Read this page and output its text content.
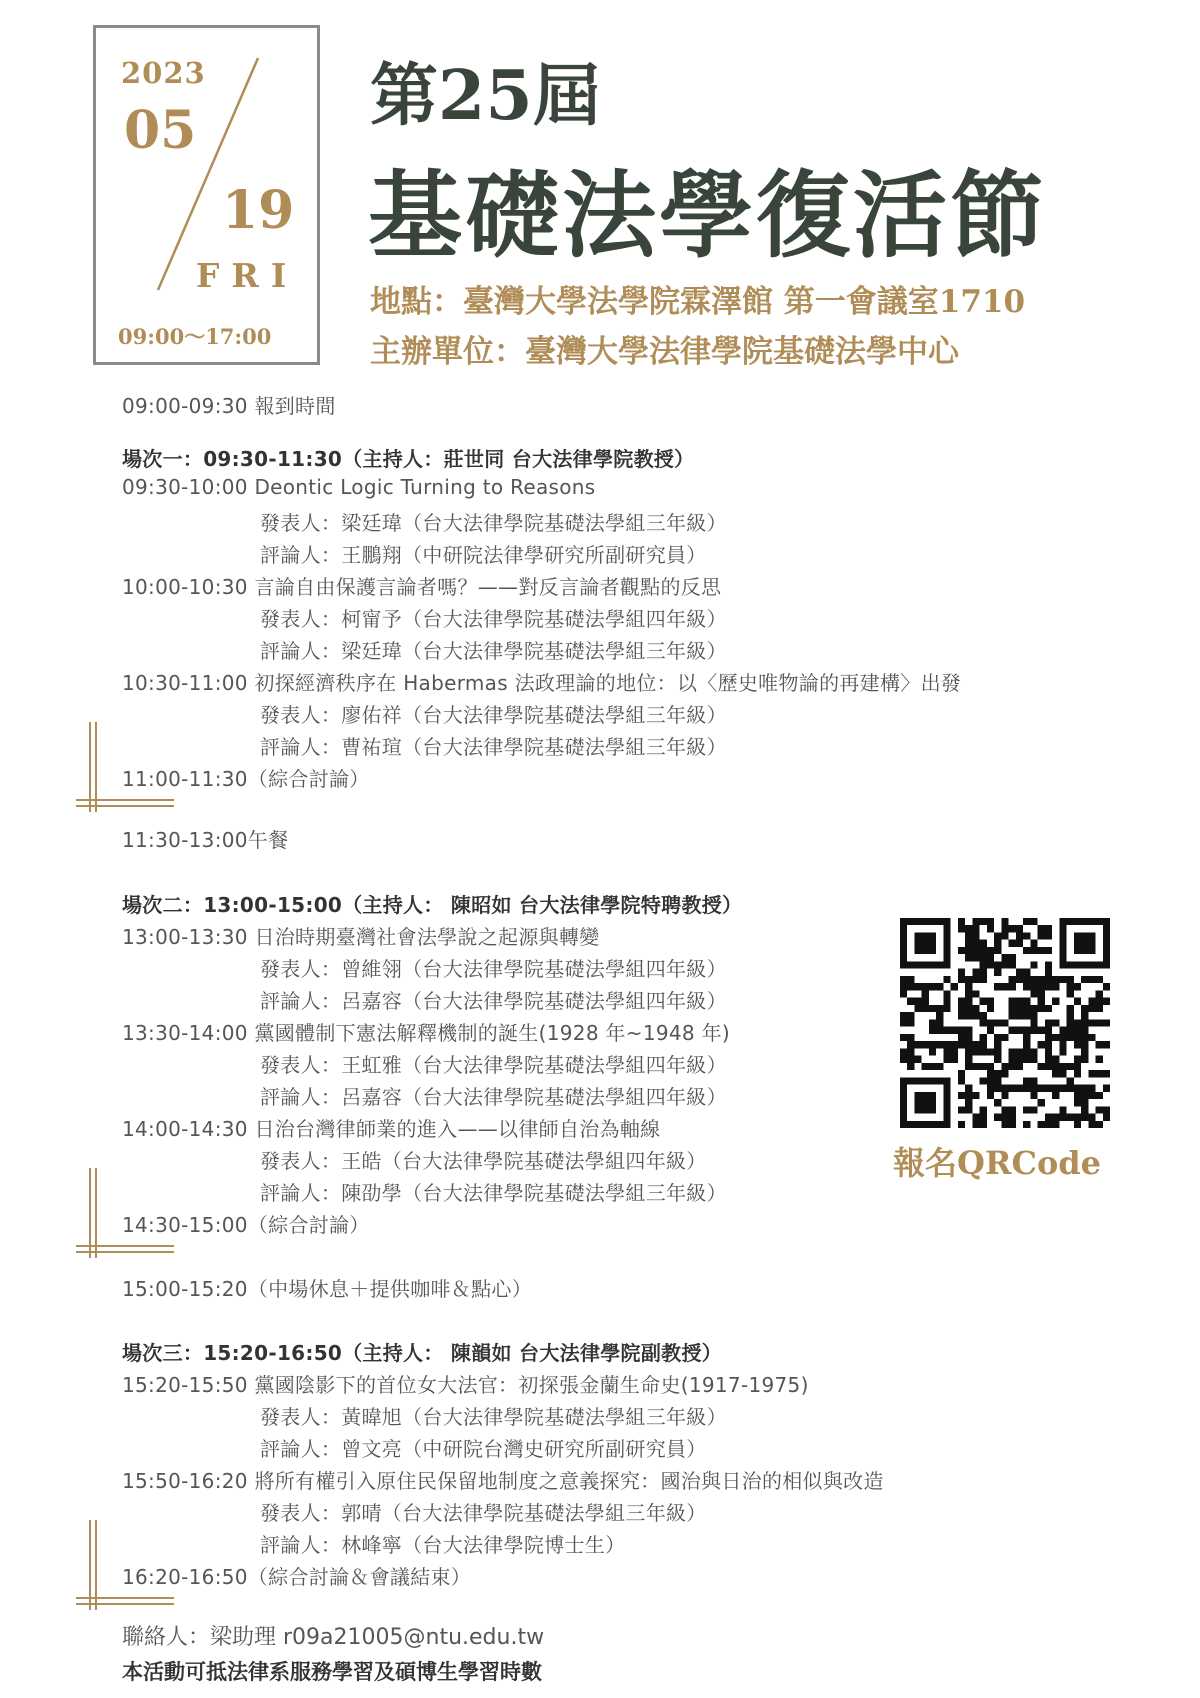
2023
05
19
FRI
09:00～17:00
第25屆
基礎法學復活節
地點：臺灣大學法學院霖澤館 第一會議室1710
主辦單位：臺灣大學法律學院基礎法學中心
09:00-09:30 報到時間
場次一：09:30-11:30（主持人：莊世同 台大法律學院教授）
09:30-10:00 Deontic Logic Turning to Reasons
發表人：梁廷瑋（台大法律學院基礎法學組三年級）
評論人：王鵬翔（中研院法律學研究所副研究員）
10:00-10:30 言論自由保護言論者嗎？——對反言論者觀點的反思
發表人：柯甯予（台大法律學院基礎法學組四年級）
評論人：梁廷瑋（台大法律學院基礎法學組三年級）
10:30-11:00 初探經濟秩序在 Habermas 法政理論的地位：以〈歷史唯物論的再建構〉出發
發表人：廖佑祥（台大法律學院基礎法學組三年級）
評論人：曹祐瑄（台大法律學院基礎法學組三年級）
11:00-11:30（綜合討論）
11:30-13:00午餐
場次二：13:00-15:00（主持人： 陳昭如 台大法律學院特聘教授）
13:00-13:30 日治時期臺灣社會法學說之起源與轉變
發表人：曾維翎（台大法律學院基礎法學組四年級）
評論人：呂嘉容（台大法律學院基礎法學組四年級）
13:30-14:00 黨國體制下憲法解釋機制的誕生(1928 年~1948 年)
發表人：王虹雅（台大法律學院基礎法學組四年級）
評論人：呂嘉容（台大法律學院基礎法學組四年級）
14:00-14:30 日治台灣律師業的進入——以律師自治為軸線
發表人：王皓（台大法律學院基礎法學組四年級）
評論人：陳劭學（台大法律學院基礎法學組三年級）
14:30-15:00（綜合討論）
15:00-15:20（中場休息＋提供咖啡＆點心）
場次三：15:20-16:50（主持人： 陳韻如 台大法律學院副教授）
15:20-15:50 黨國陰影下的首位女大法官：初探張金蘭生命史(1917-1975)
發表人：黃暐旭（台大法律學院基礎法學組三年級）
評論人：曾文亮（中研院台灣史研究所副研究員）
15:50-16:20 將所有權引入原住民保留地制度之意義探究：國治與日治的相似與改造
發表人：郭晴（台大法律學院基礎法學組三年級）
評論人：林峰寧（台大法律學院博士生）
16:20-16:50（綜合討論＆會議結束）
報名QRCode
聯絡人：梁助理 r09a21005@ntu.edu.tw
本活動可抵法律系服務學習及碩博生學習時數
